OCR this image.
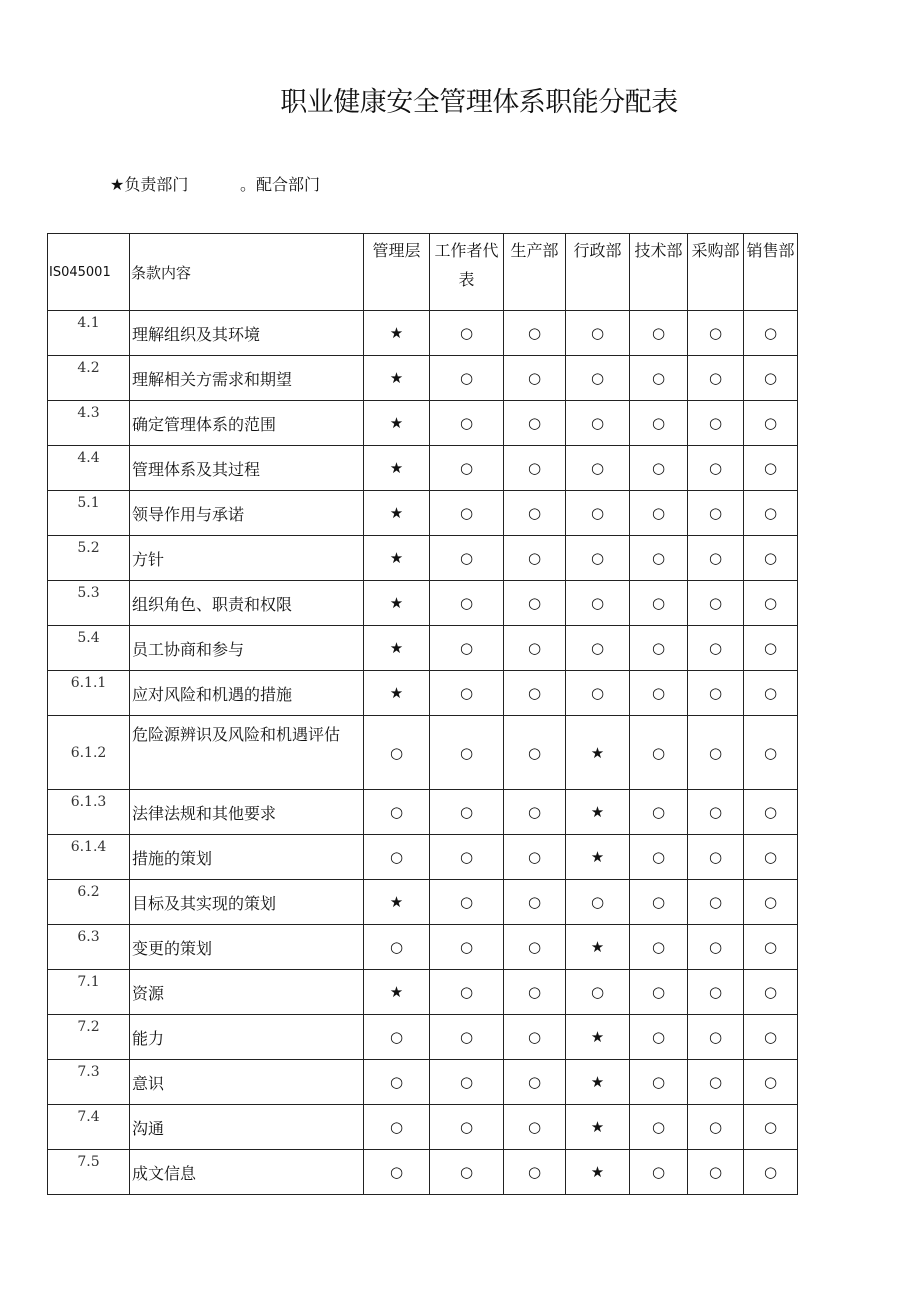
职业健康安全管理体系职能分配表
★负责部门	。配合部门
IS045001	条款内容	管理层	工作者代表	生产部	行政部	技术部	采购部	销售部
4.1	理解组织及其环境	★	○	○	○	○	○	○
4.2	理解相关方需求和期望	★	○	○	○	○	○	○
4.3	确定管理体系的范围	★	○	○	○	○	○	○
4.4	管理体系及其过程	★	○	○	○	○	○	○
5.1	领导作用与承诺	★	○	○	○	○	○	○
5.2	方针	★	○	○	○	○	○	○
5.3	组织角色、职责和权限	★	○	○	○	○	○	○
5.4	员工协商和参与	★	○	○	○	○	○	○
6.1.1	应对风险和机遇的措施	★	○	○	○	○	○	○
6.1.2	危险源辨识及风险和机遇评估	○	○	○	★	○	○	○
6.1.3	法律法规和其他要求	○	○	○	★	○	○	○
6.1.4	措施的策划	○	○	○	★	○	○	○
6.2	目标及其实现的策划	★	○	○	○	○	○	○
6.3	变更的策划	○	○	○	★	○	○	○
7.1	资源	★	○	○	○	○	○	○
7.2	能力	○	○	○	★	○	○	○
7.3	意识	○	○	○	★	○	○	○
7.4	沟通	○	○	○	★	○	○	○
7.5	成文信息	○	○	○	★	○	○	○
